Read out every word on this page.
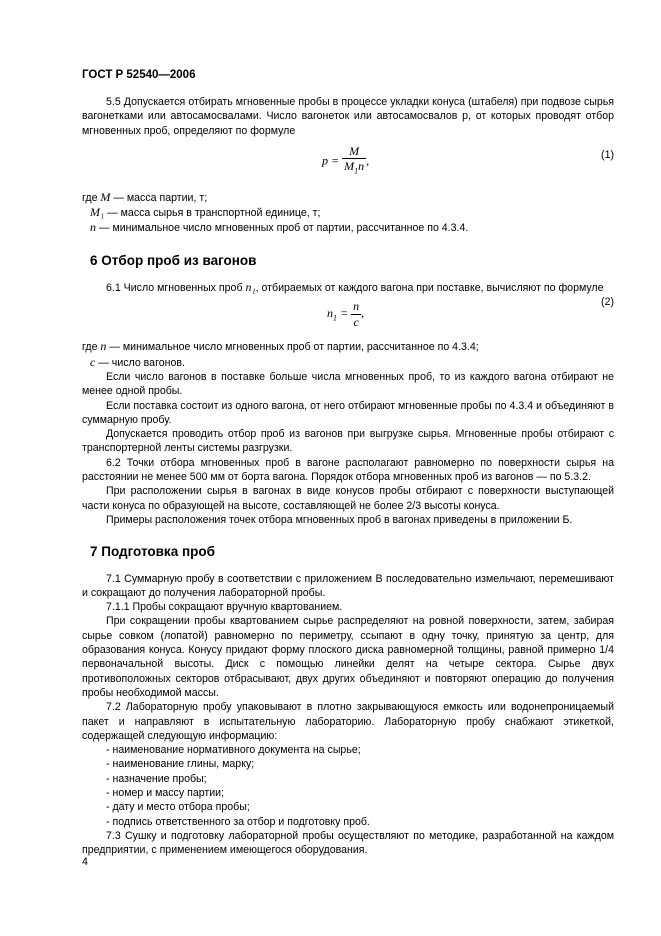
ГОСТ Р 52540—2006

5.5 Допускается отбирать мгновенные пробы в процессе укладки конуса (штабеля) при подвозе сырья вагонетками или автосамосвалами. Число вагонеток или автосамосвалов p, от которых проводят отбор мгновенных проб, определяют по формуле

$p = \frac{M}{M_1n}$ ,	(1)

где M — масса партии, т;

M₁ — масса сырья в транспортной единице, т;

n — минимальное число мгновенных проб от партии, рассчитанное по 4.3.4.

6 Отбор проб из вагонов

6.1 Число мгновенных проб n₁, отбираемых от каждого вагона при поставке, вычисляют по формуле

$n_1 = \frac{n}{c}$ ,
(2)

где n — минимальное число мгновенных проб от партии, рассчитанное по 4.3.4;

c — число вагонов.

Если число вагонов в поставке больше числа мгновенных проб, то из каждого вагона отбирают не менее одной пробы.

Если поставка состоит из одного вагона, от него отбирают мгновенные пробы по 4.3.4 и объединяют в суммарную пробу.

Допускается проводить отбор проб из вагонов при выгрузке сырья. Мгновенные пробы отбирают с транспортерной ленты системы разгрузки.

6.2 Точки отбора мгновенных проб в вагоне располагают равномерно по поверхности сырья на расстоянии не менее 500 мм от борта вагона. Порядок отбора мгновенных проб из вагонов — по 5.3.2.

При расположении сырья в вагонах в виде конусов пробы отбирают с поверхности выступающей части конуса по образующей на высоте, составляющей не более 2/3 высоты конуса.

Примеры расположения точек отбора мгновенных проб в вагонах приведены в приложении Б.

7 Подготовка проб

7.1 Суммарную пробу в соответствии с приложением В последовательно измельчают, перемешивают и сокращают до получения лабораторной пробы.

7.1.1 Пробы сокращают вручную квартованием.

При сокращении пробы квартованием сырье распределяют на ровной поверхности, затем, забирая сырье совком (лопатой) равномерно по периметру, ссыпают в одну точку, принятую за центр, для образования конуса. Конусу придают форму плоского диска равномерной толщины, равной примерно 1/4 первоначальной высоты. Диск с помощью линейки делят на четыре сектора. Сырье двух противоположных секторов отбрасывают, двух других объединяют и повторяют операцию до получения пробы необходимой массы.

7.2 Лабораторную пробу упаковывают в плотно закрывающуюся емкость или водонепроницаемый пакет и направляют в испытательную лабораторию. Лабораторную пробу снабжают этикеткой, содержащей следующую информацию:

- наименование нормативного документа на сырье;

- наименование глины, марку;

- назначение пробы;

- номер и массу партии;

- дату и место отбора пробы;

- подпись ответственного за отбор и подготовку проб.

7.3 Сушку и подготовку лабораторной пробы осуществляют по методике, разработанной на каждом предприятии, с применением имеющегося оборудования.

4
